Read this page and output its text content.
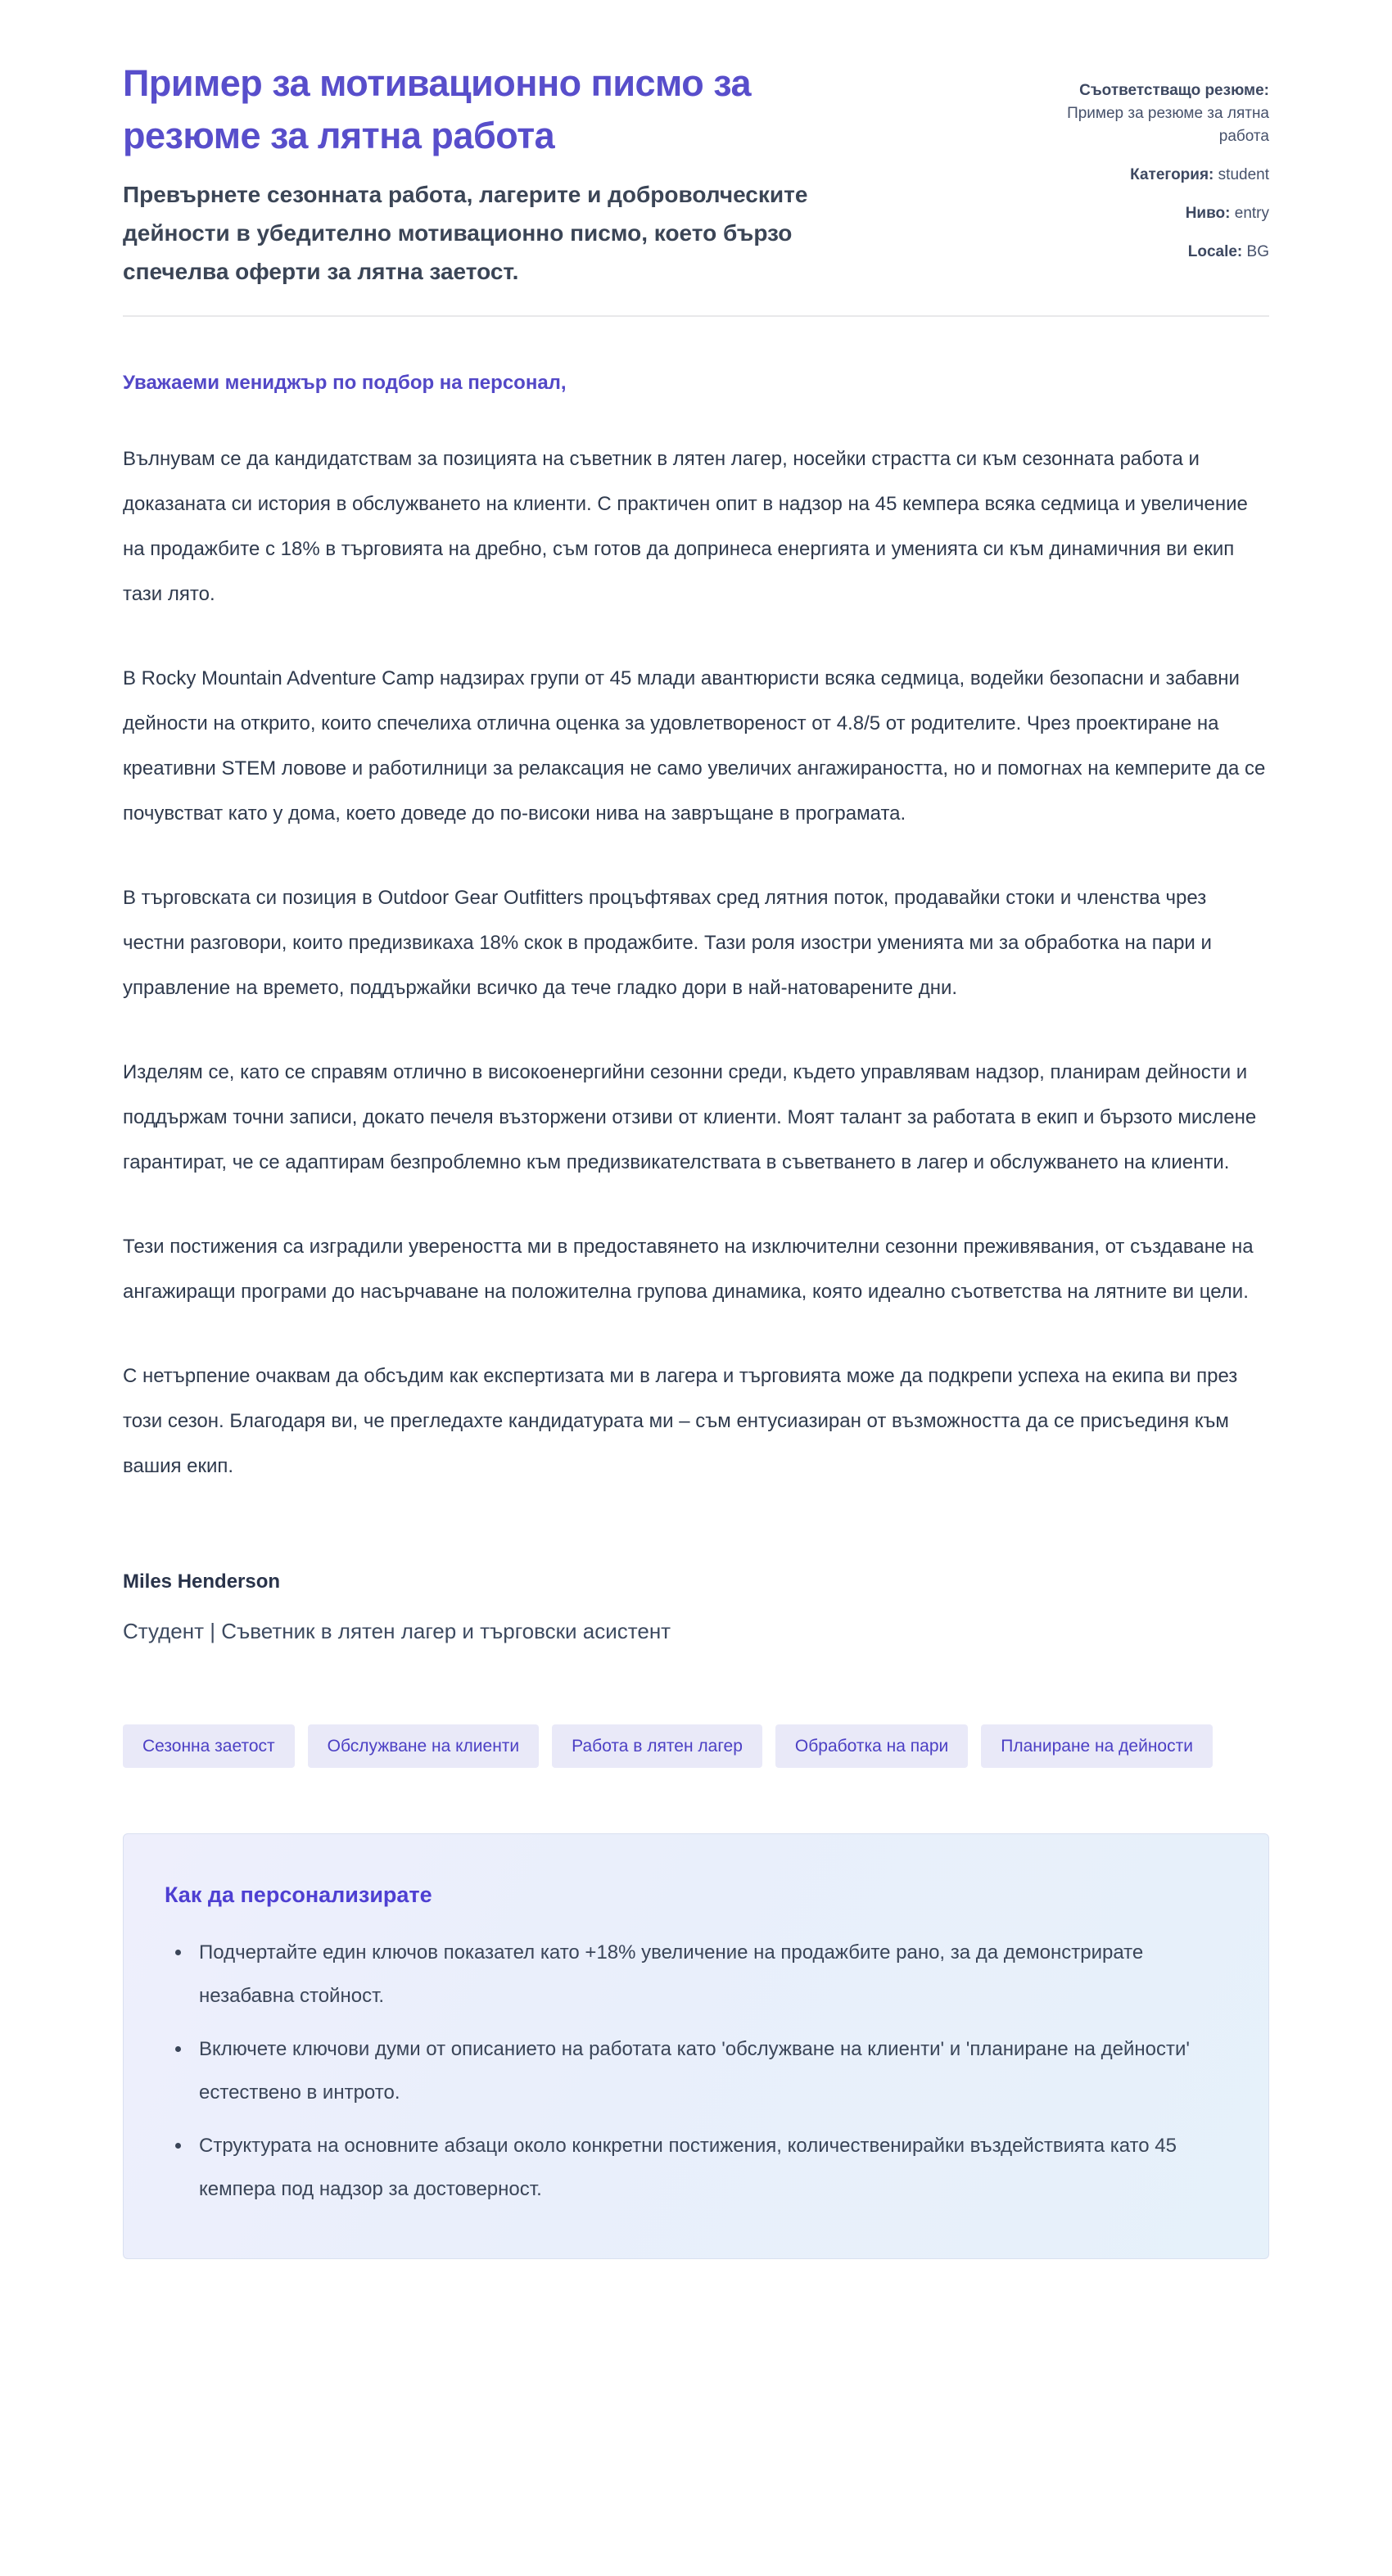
Пример за мотивационно писмо за резюме за лятна работа

Превърнете сезонната работа, лагерите и доброволческите дейности в убедително мотивационно писмо, което бързо спечелва оферти за лятна заетост.

Съответстващо резюме: Пример за резюме за лятна работа

Категория: student

Ниво: entry

Locale: BG

Уважаеми мениджър по подбор на персонал,

Вълнувам се да кандидатствам за позицията на съветник в лятен лагер, носейки страстта си към сезонната работа и доказаната си история в обслужването на клиенти. С практичен опит в надзор на 45 кемпера всяка седмица и увеличение на продажбите с 18% в търговията на дребно, съм готов да допринеса енергията и уменията си към динамичния ви екип тази лято.

В Rocky Mountain Adventure Camp надзирах групи от 45 млади авантюристи всяка седмица, водейки безопасни и забавни дейности на открито, които спечелиха отлична оценка за удовлетвореност от 4.8/5 от родителите. Чрез проектиране на креативни STEM ловове и работилници за релаксация не само увеличих ангажираността, но и помогнах на кемперите да се почувстват като у дома, което доведе до по-високи нива на завръщане в програмата.

В търговската си позиция в Outdoor Gear Outfitters процъфтявах сред лятния поток, продавайки стоки и членства чрез честни разговори, които предизвикаха 18% скок в продажбите. Тази роля изостри уменията ми за обработка на пари и управление на времето, поддържайки всичко да тече гладко дори в най-натоварените дни.

Изделям се, като се справям отлично в високоенергийни сезонни среди, където управлявам надзор, планирам дейности и поддържам точни записи, докато печеля възторжени отзиви от клиенти. Моят талант за работата в екип и бързото мислене гарантират, че се адаптирам безпроблемно към предизвикателствата в съветването в лагер и обслужването на клиенти.

Тези постижения са изградили увереността ми в предоставянето на изключителни сезонни преживявания, от създаване на ангажиращи програми до насърчаване на положителна групова динамика, която идеално съответства на лятните ви цели.

С нетърпение очаквам да обсъдим как експертизата ми в лагера и търговията може да подкрепи успеха на екипа ви през този сезон. Благодаря ви, че прегледахте кандидатурата ми – съм ентусиазиран от възможността да се присъединя към вашия екип.

Miles Henderson
Студент | Съветник в лятен лагер и търговски асистент
Сезонна заетост	Обслужване на клиенти	Работа в лятен лагер	Обработка на пари	Планиране на дейности
Как да персонализирате
• Подчертайте един ключов показател като +18% увеличение на продажбите рано, за да демонстрирате незабавна стойност.
• Включете ключови думи от описанието на работата като 'обслужване на клиенти' и 'планиране на дейности' естествено в интрото.
• Структурата на основните абзаци около конкретни постижения, количественирайки въздействията като 45 кемпера под надзор за достоверност.
